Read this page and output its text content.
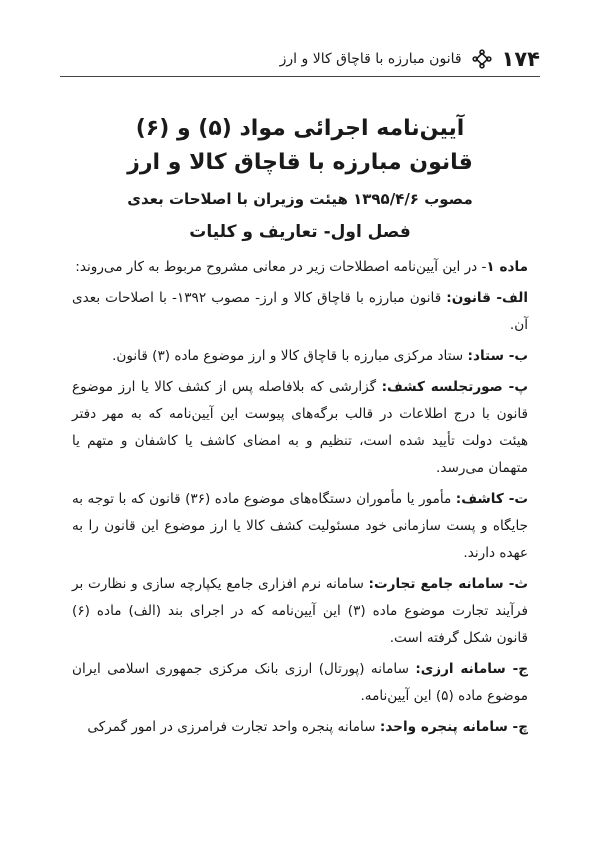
۱۷۴
قانون مبارزه با قاچاق کالا و ارز
آیین‌نامه اجرائی مواد (۵) و (۶)
قانون مبارزه با قاچاق کالا و ارز

مصوب ۱۳۹۵/۴/۶ هیئت وزیران با اصلاحات بعدی

فصل اول- تعاریف و کلیات

ماده ۱- در این آیین‌نامه اصطلاحات زیر در معانی مشروح مربوط به کار می‌روند:

الف- قانون: قانون مبارزه با قاچاق کالا و ارز- مصوب ۱۳۹۲- با اصلاحات بعدی آن.

ب- ستاد: ستاد مرکزی مبارزه با قاچاق کالا و ارز موضوع ماده (۳) قانون.

پ- صورتجلسه کشف: گزارشی که بلافاصله پس از کشف کالا یا ارز موضوع قانون با درج اطلاعات در قالب برگه‌های پیوست این آیین‌نامه که به مهر دفتر هیئت دولت تأیید شده است، تنظیم و به امضای کاشف یا کاشفان و متهم یا متهمان می‌رسد.

ت- کاشف: مأمور یا مأموران دستگاه‌های موضوع ماده (۳۶) قانون که با توجه به جایگاه و پست سازمانی خود مسئولیت کشف کالا یا ارز موضوع این قانون را به عهده دارند.

ث- سامانه جامع تجارت: سامانه نرم افزاری جامع یکپارچه سازی و نظارت بر فرآیند تجارت موضوع ماده (۳) این آیین‌نامه که در اجرای بند (الف) ماده (۶) قانون شکل گرفته است.

ج- سامانه ارزی: سامانه (پورتال) ارزی بانک مرکزی جمهوری اسلامی ایران موضوع ماده (۵) این آیین‌نامه.

چ- سامانه پنجره واحد: سامانه پنجره واحد تجارت فرامرزی در امور گمرکی
